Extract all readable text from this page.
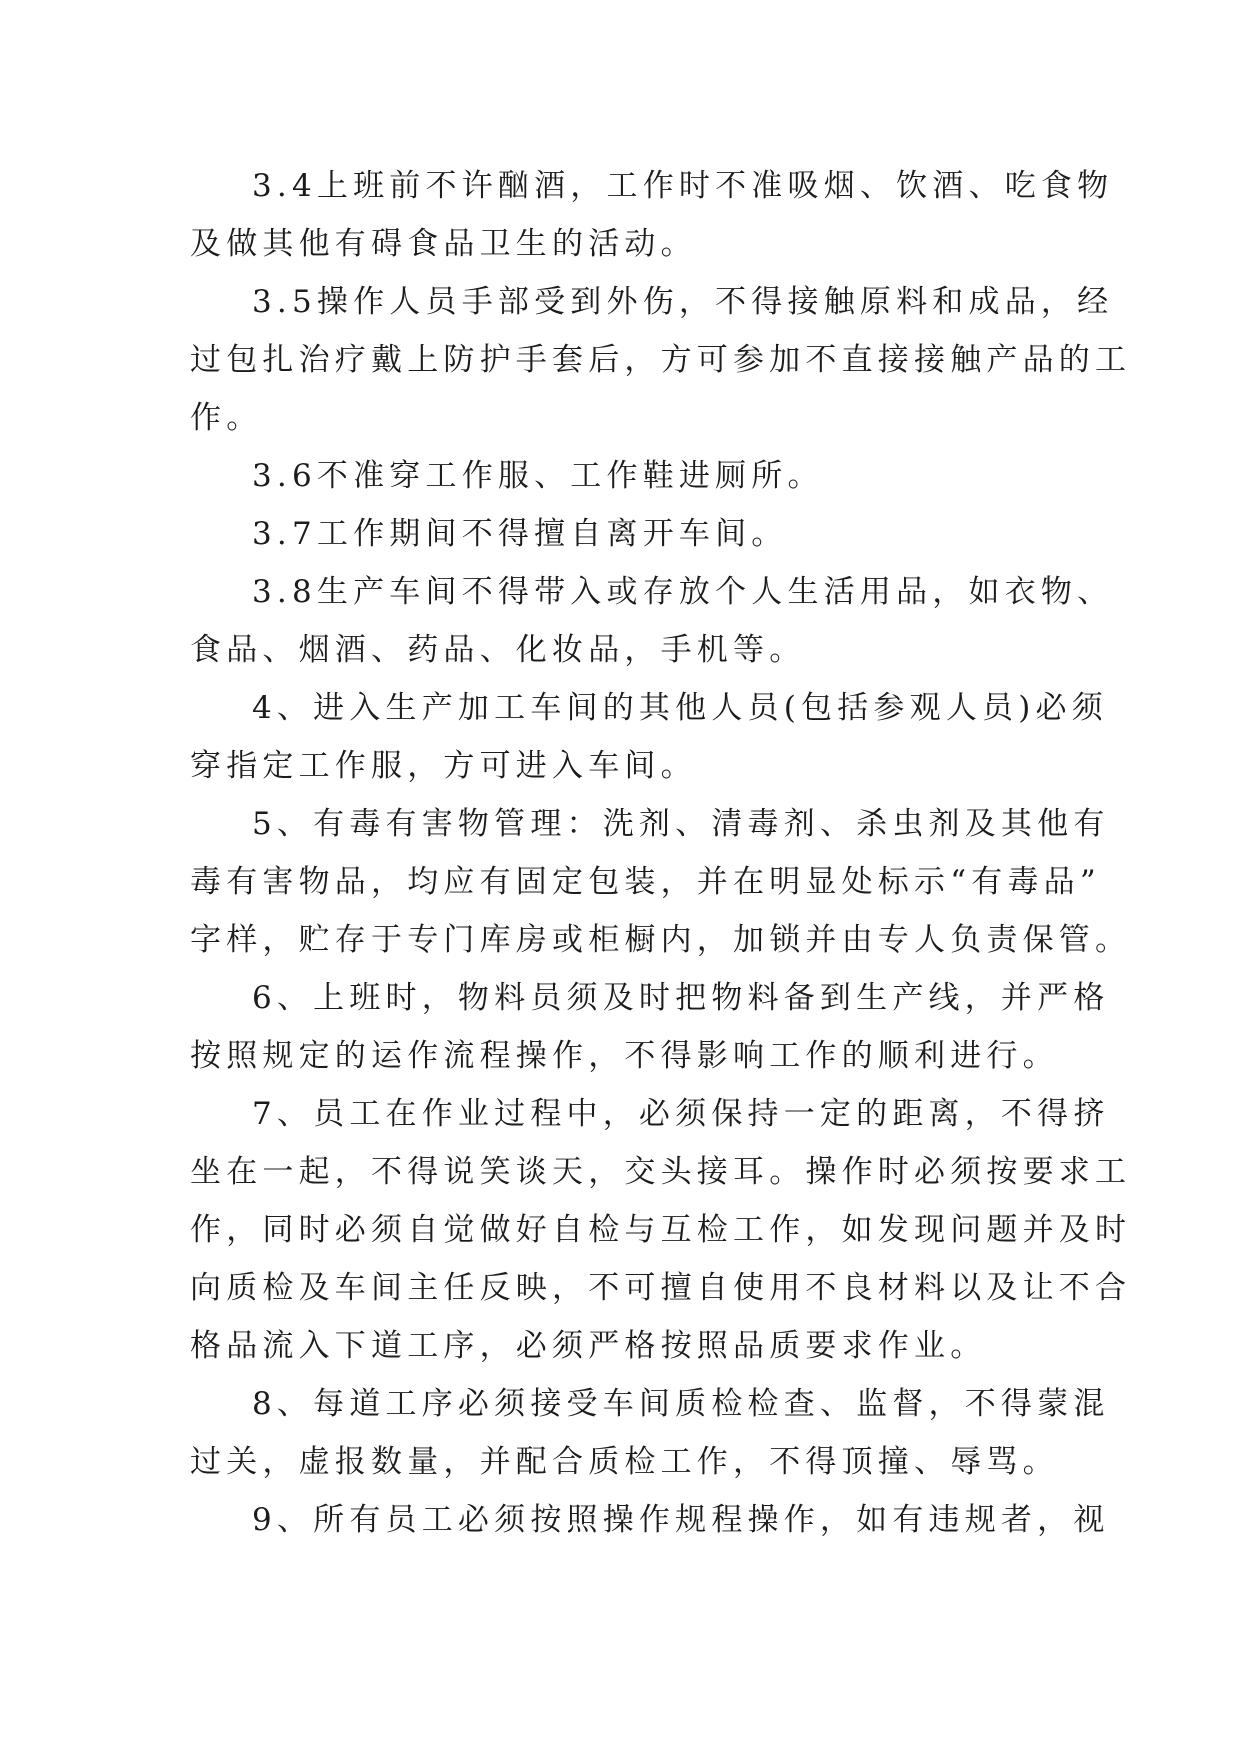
3.4上班前不许酗酒，工作时不准吸烟、饮酒、吃食物
及做其他有碍食品卫生的活动。
3.5操作人员手部受到外伤，不得接触原料和成品，经
过包扎治疗戴上防护手套后，方可参加不直接接触产品的工
作。
3.6不准穿工作服、工作鞋进厕所。
3.7工作期间不得擅自离开车间。
3.8生产车间不得带入或存放个人生活用品，如衣物、
食品、烟酒、药品、化妆品，手机等。
4、进入生产加工车间的其他人员(包括参观人员)必须
穿指定工作服，方可进入车间。
5、有毒有害物管理：洗剂、清毒剂、杀虫剂及其他有
毒有害物品，均应有固定包装，并在明显处标示“有毒品”
字样，贮存于专门库房或柜橱内，加锁并由专人负责保管。
6、上班时，物料员须及时把物料备到生产线，并严格
按照规定的运作流程操作，不得影响工作的顺利进行。
7、员工在作业过程中，必须保持一定的距离，不得挤
坐在一起，不得说笑谈天，交头接耳。操作时必须按要求工
作，同时必须自觉做好自检与互检工作，如发现问题并及时
向质检及车间主任反映，不可擅自使用不良材料以及让不合
格品流入下道工序，必须严格按照品质要求作业。
8、每道工序必须接受车间质检检查、监督，不得蒙混
过关，虚报数量，并配合质检工作，不得顶撞、辱骂。
9、所有员工必须按照操作规程操作，如有违规者，视
